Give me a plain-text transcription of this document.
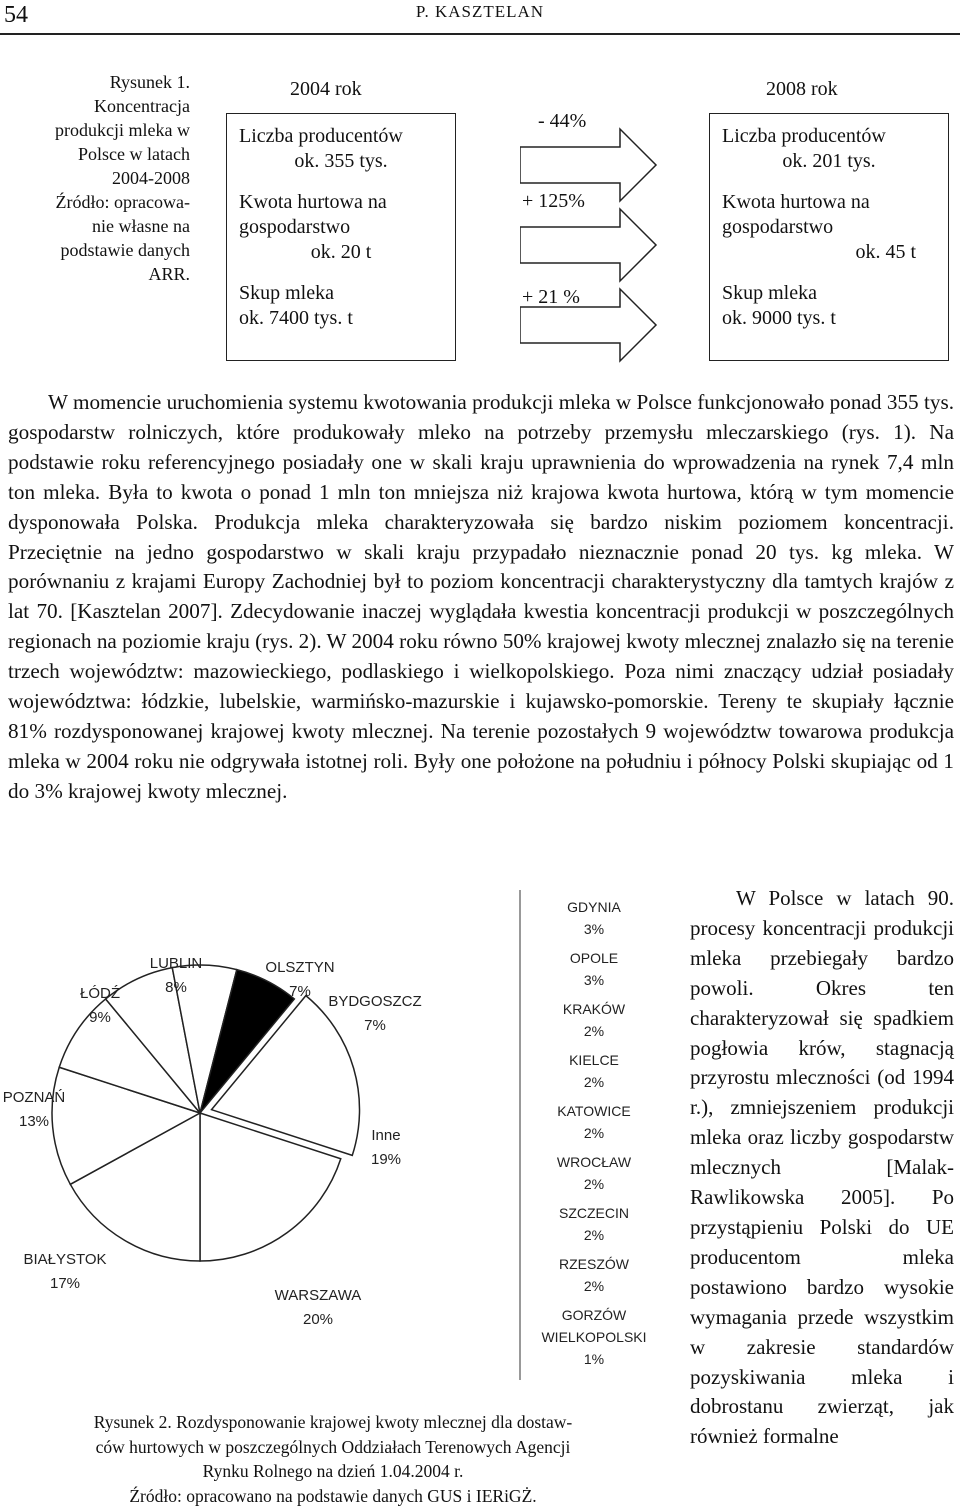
54	P. KASZTELAN
Rysunek 1.
Koncentracja
produkcji mleka w
Polsce w latach
2004-2008
Źródło: opracowa-
nie własne na
podstawie danych
ARR.
2004 rok
Liczba producentów
ok. 355 tys.
Kwota hurtowa na
gospodarstwo
ok. 20 t
Skup mleka
ok. 7400 tys. t
- 44%
+ 125%
+ 21 %
2008 rok
Liczba producentów
ok. 201 tys.
Kwota hurtowa na
gospodarstwo
ok. 45 t
Skup mleka
ok. 9000 tys. t

W momencie uruchomienia systemu kwotowania produkcji mleka w Polsce funkcjonowało ponad 355 tys. gospodarstw rolniczych, które produkowały mleko na potrzeby przemysłu mleczarskiego (rys. 1). Na podstawie roku referencyjnego posiadały one w skali kraju uprawnienia do wprowadzenia na rynek 7,4 mln ton mleka. Była to kwota o ponad 1 mln ton mniejsza niż krajowa kwota hurtowa, którą w tym momencie dysponowała Polska. Produkcja mleka charakteryzowała się bardzo niskim poziomem koncentracji. Przeciętnie na jedno gospodarstwo w skali kraju przypadało nieznacznie ponad 20 tys. kg mleka. W porównaniu z krajami Europy Zachodniej był to poziom koncentracji charakterystyczny dla tamtych krajów z lat 70. [Kasztelan 2007]. Zdecydowanie inaczej wyglądała kwestia koncentracji produkcji w poszczególnych regionach na poziomie kraju (rys. 2). W 2004 roku równo 50% krajowej kwoty mlecznej znalazło się na terenie trzech województw: mazowieckiego, podlaskiego i wielkopolskiego. Poza nimi znaczący udział posiadały województwa: łódzkie, lubelskie, warmińsko-mazurskie i kujawsko-pomorskie. Tereny te skupiały łącznie 81% rozdysponowanej krajowej kwoty mlecznej. Na terenie pozostałych 9 województw towarowa produkcja mleka w 2004 roku nie odgrywała istotnej roli. Były one położone na południu i północy Polski skupiając od 1 do 3% krajowej kwoty mlecznej.

WARSZAWA
20%
BIAŁYSTOK
17%
POZNAŃ
13%
ŁÓDŹ
9%
LUBLIN
8%
OLSZTYN
7%
BYDGOSZCZ
7%
Inne
19%
GDYNIA
3%
OPOLE
3%
KRAKÓW
2%
KIELCE
2%
KATOWICE
2%
WROCŁAW
2%
SZCZECIN
2%
RZESZÓW
2%
GORZÓW
WIELKOPOLSKI
1%
Rysunek 2. Rozdysponowanie krajowej kwoty mlecznej dla dostaw-
ców hurtowych w poszczególnych Oddziałach Terenowych Agencji
Rynku Rolnego na dzień 1.04.2004 r.
Źródło: opracowano na podstawie danych GUS i IERiGŻ.

W Polsce w latach 90. procesy koncentracji produkcji mleka przebiegały bardzo powoli. Okres ten charakteryzował się spadkiem pogłowia krów, stagnacją przyrostu mleczności (od 1994 r.), zmniejszeniem produkcji mleka oraz liczby gospodarstw mlecznych [Malak-Rawlikowska 2005]. Po przystąpieniu Polski do UE producentom mleka postawiono bardzo wysokie wymagania przede wszystkim w zakresie standardów pozyskiwania mleka i dobrostanu zwierząt, jak również formalne
